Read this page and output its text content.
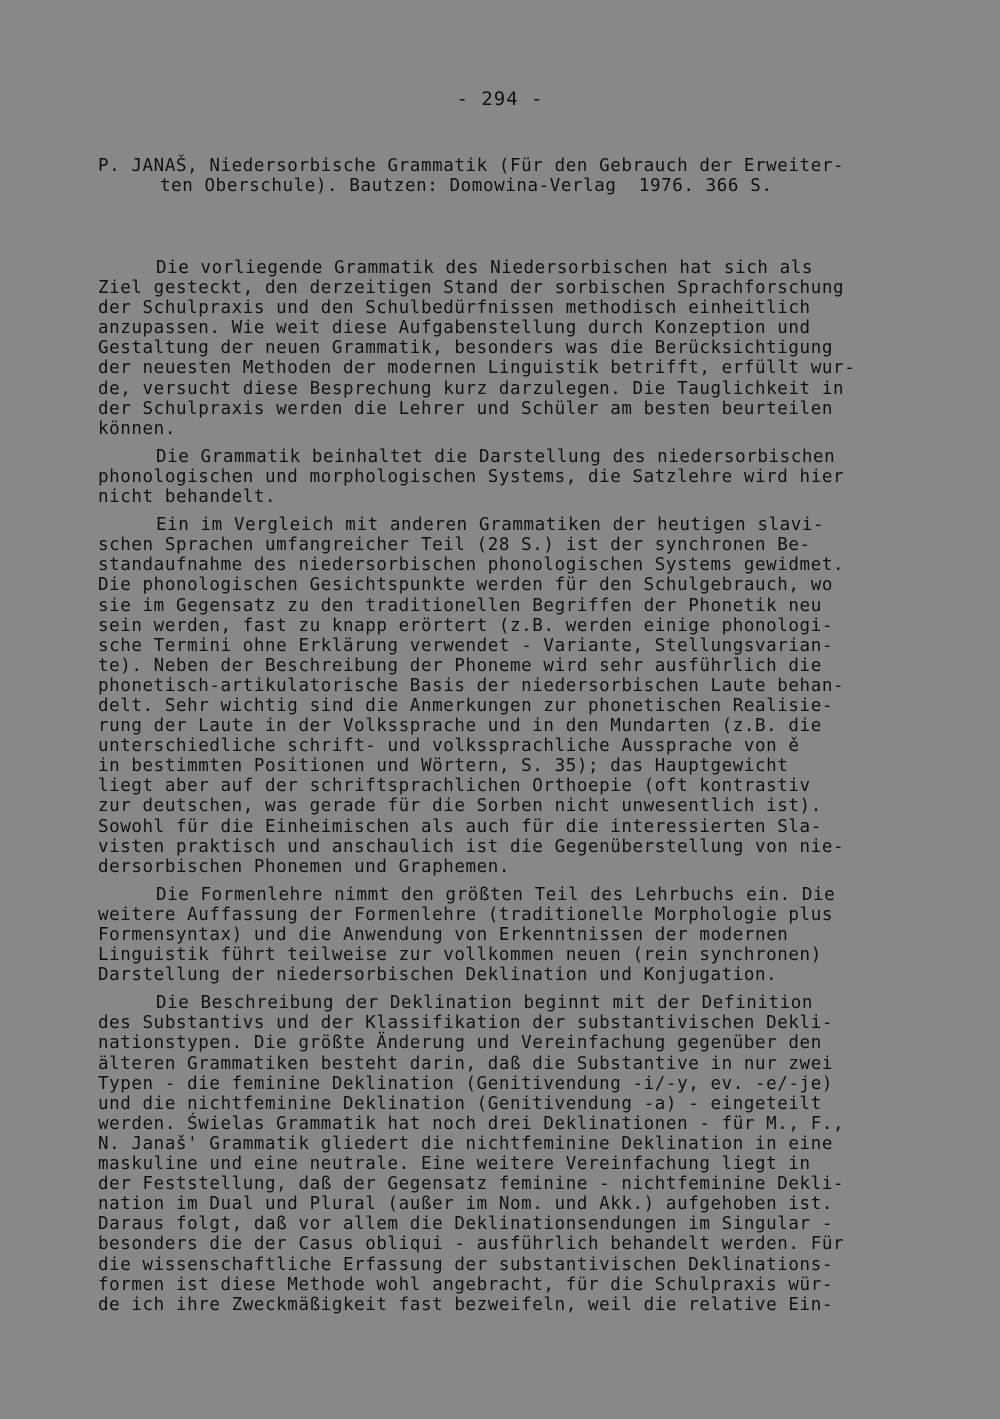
- 294 -
P. JANAŠ, Niedersorbische Grammatik (Für den Gebrauch der Erweiter-
ten Oberschule). Bautzen: Domowina-Verlag  1976. 366 S.
Die vorliegende Grammatik des Niedersorbischen hat sich als
Ziel gesteckt, den derzeitigen Stand der sorbischen Sprachforschung
der Schulpraxis und den Schulbedürfnissen methodisch einheitlich
anzupassen. Wie weit diese Aufgabenstellung durch Konzeption und
Gestaltung der neuen Grammatik, besonders was die Berücksichtigung
der neuesten Methoden der modernen Linguistik betrifft, erfüllt wur-
de, versucht diese Besprechung kurz darzulegen. Die Tauglichkeit in
der Schulpraxis werden die Lehrer und Schüler am besten beurteilen
können.
Die Grammatik beinhaltet die Darstellung des niedersorbischen
phonologischen und morphologischen Systems, die Satzlehre wird hier
nicht behandelt.
Ein im Vergleich mit anderen Grammatiken der heutigen slavi-
schen Sprachen umfangreicher Teil (28 S.) ist der synchronen Be-
standaufnahme des niedersorbischen phonologischen Systems gewidmet.
Die phonologischen Gesichtspunkte werden für den Schulgebrauch, wo
sie im Gegensatz zu den traditionellen Begriffen der Phonetik neu
sein werden, fast zu knapp erörtert (z.B. werden einige phonologi-
sche Termini ohne Erklärung verwendet - Variante, Stellungsvarian-
te). Neben der Beschreibung der Phoneme wird sehr ausführlich die
phonetisch-artikulatorische Basis der niedersorbischen Laute behan-
delt. Sehr wichtig sind die Anmerkungen zur phonetischen Realisie-
rung der Laute in der Volkssprache und in den Mundarten (z.B. die
unterschiedliche schrift- und volkssprachliche Aussprache von ě
in bestimmten Positionen und Wörtern, S. 35); das Hauptgewicht
liegt aber auf der schriftsprachlichen Orthoepie (oft kontrastiv
zur deutschen, was gerade für die Sorben nicht unwesentlich ist).
Sowohl für die Einheimischen als auch für die interessierten Sla-
visten praktisch und anschaulich ist die Gegenüberstellung von nie-
dersorbischen Phonemen und Graphemen.
Die Formenlehre nimmt den größten Teil des Lehrbuchs ein. Die
weitere Auffassung der Formenlehre (traditionelle Morphologie plus
Formensyntax) und die Anwendung von Erkenntnissen der modernen
Linguistik führt teilweise zur vollkommen neuen (rein synchronen)
Darstellung der niedersorbischen Deklination und Konjugation.
Die Beschreibung der Deklination beginnt mit der Definition
des Substantivs und der Klassifikation der substantivischen Dekli-
nationstypen. Die größte Änderung und Vereinfachung gegenüber den
älteren Grammatiken besteht darin, daß die Substantive in nur zwei
Typen - die feminine Deklination (Genitivendung -i/-y, ev. -e/-je)
und die nichtfeminine Deklination (Genitivendung -a) - eingeteilt
werden. Świelas Grammatik hat noch drei Deklinationen - für M., F.,
N. Janaš' Grammatik gliedert die nichtfeminine Deklination in eine
maskuline und eine neutrale. Eine weitere Vereinfachung liegt in
der Feststellung, daß der Gegensatz feminine - nichtfeminine Dekli-
nation im Dual und Plural (außer im Nom. und Akk.) aufgehoben ist.
Daraus folgt, daß vor allem die Deklinationsendungen im Singular -
besonders die der Casus obliqui - ausführlich behandelt werden. Für
die wissenschaftliche Erfassung der substantivischen Deklinations-
formen ist diese Methode wohl angebracht, für die Schulpraxis wür-
de ich ihre Zweckmäßigkeit fast bezweifeln, weil die relative Ein-
